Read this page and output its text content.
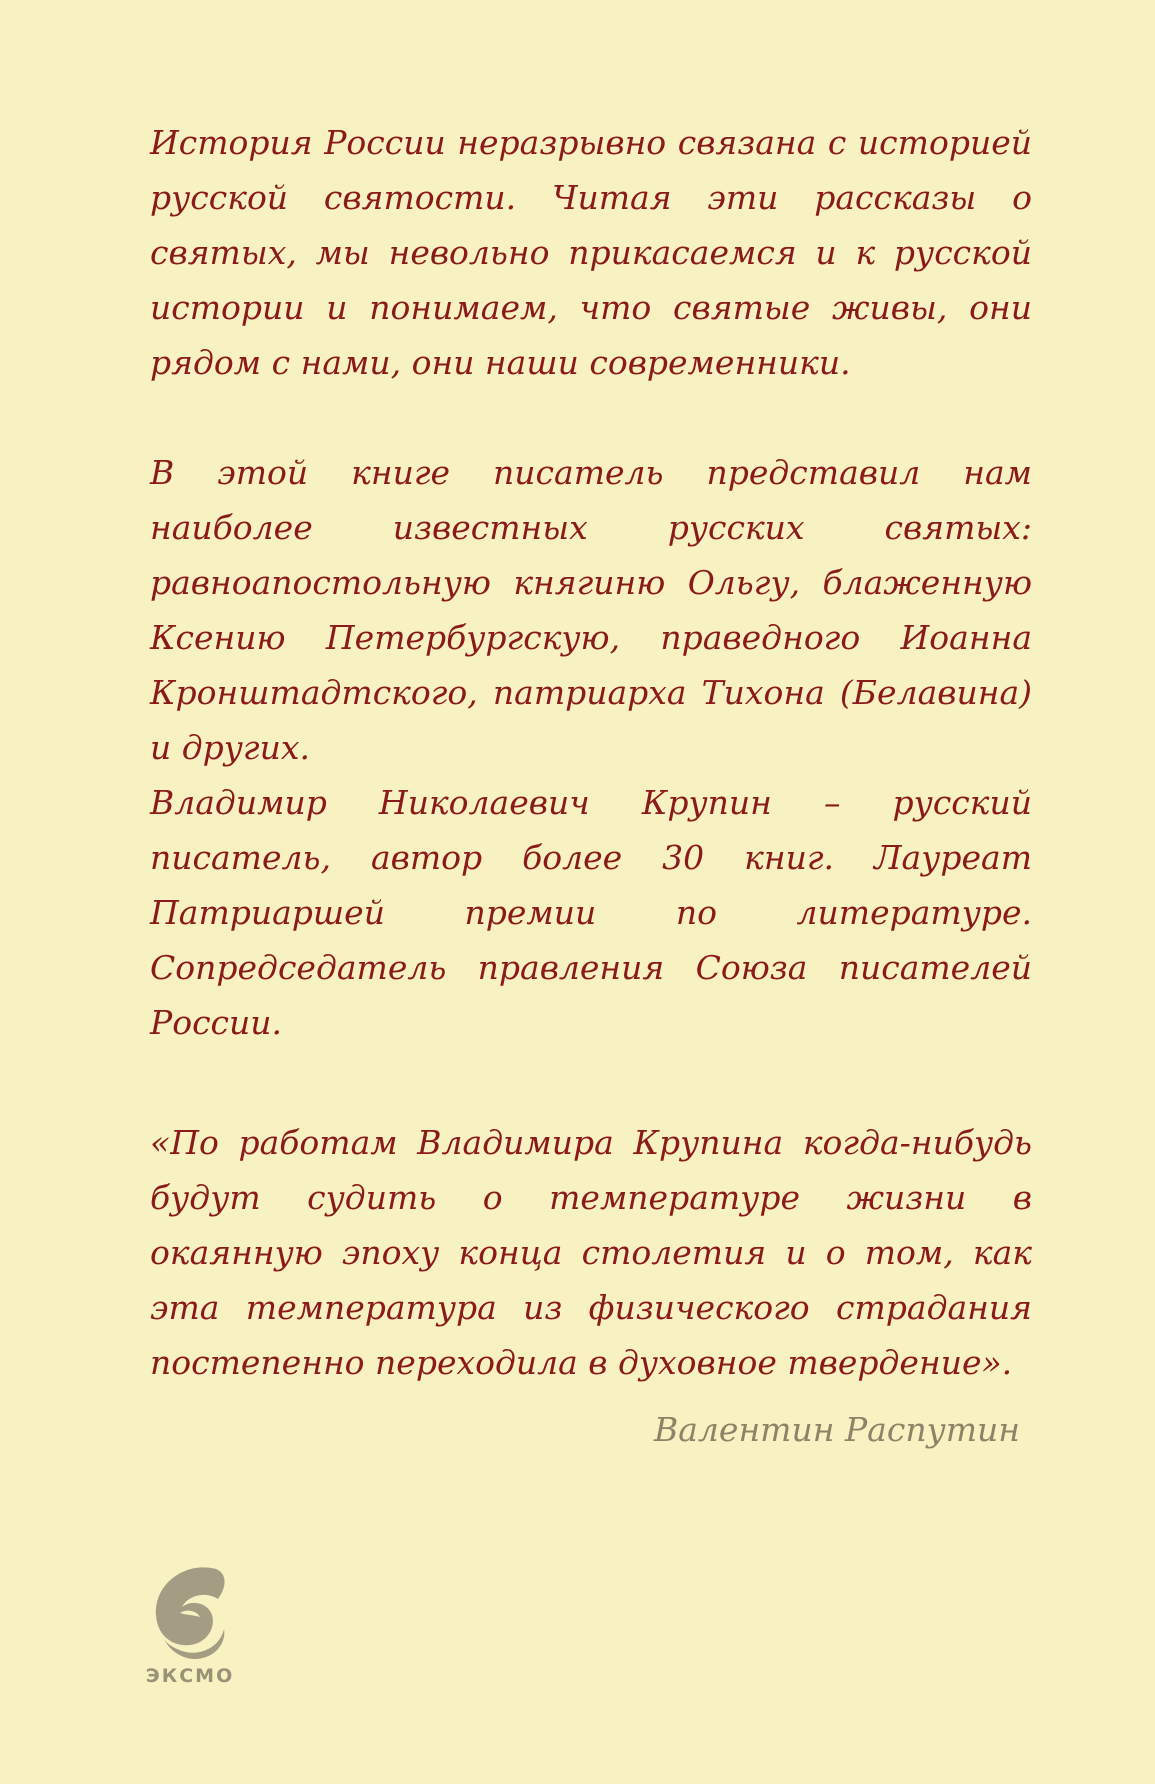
История России неразрывно связана с историей русской святости. Читая эти рассказы о святых, мы невольно прикасаемся и к русской истории и понимаем, что святые живы, они рядом с нами, они наши современники.

В этой книге писатель представил нам наиболее известных русских святых: равноапостольную княгиню Ольгу, блаженную Ксению Петербургскую, праведного Иоанна Кронштадтского, патриарха Тихона (Белавина) и других.

Владимир Николаевич Крупин – русский писатель, автор более 30 книг. Лауреат Патриаршей премии по литературе. Сопредседатель правления Союза писателей России.

«По работам Владимира Крупина когда-нибудь будут судить о температуре жизни в окаянную эпоху конца столетия и о том, как эта температура из физического страдания постепенно переходила в духовное твердение».

Валентин Распутин

ЭКСМО
